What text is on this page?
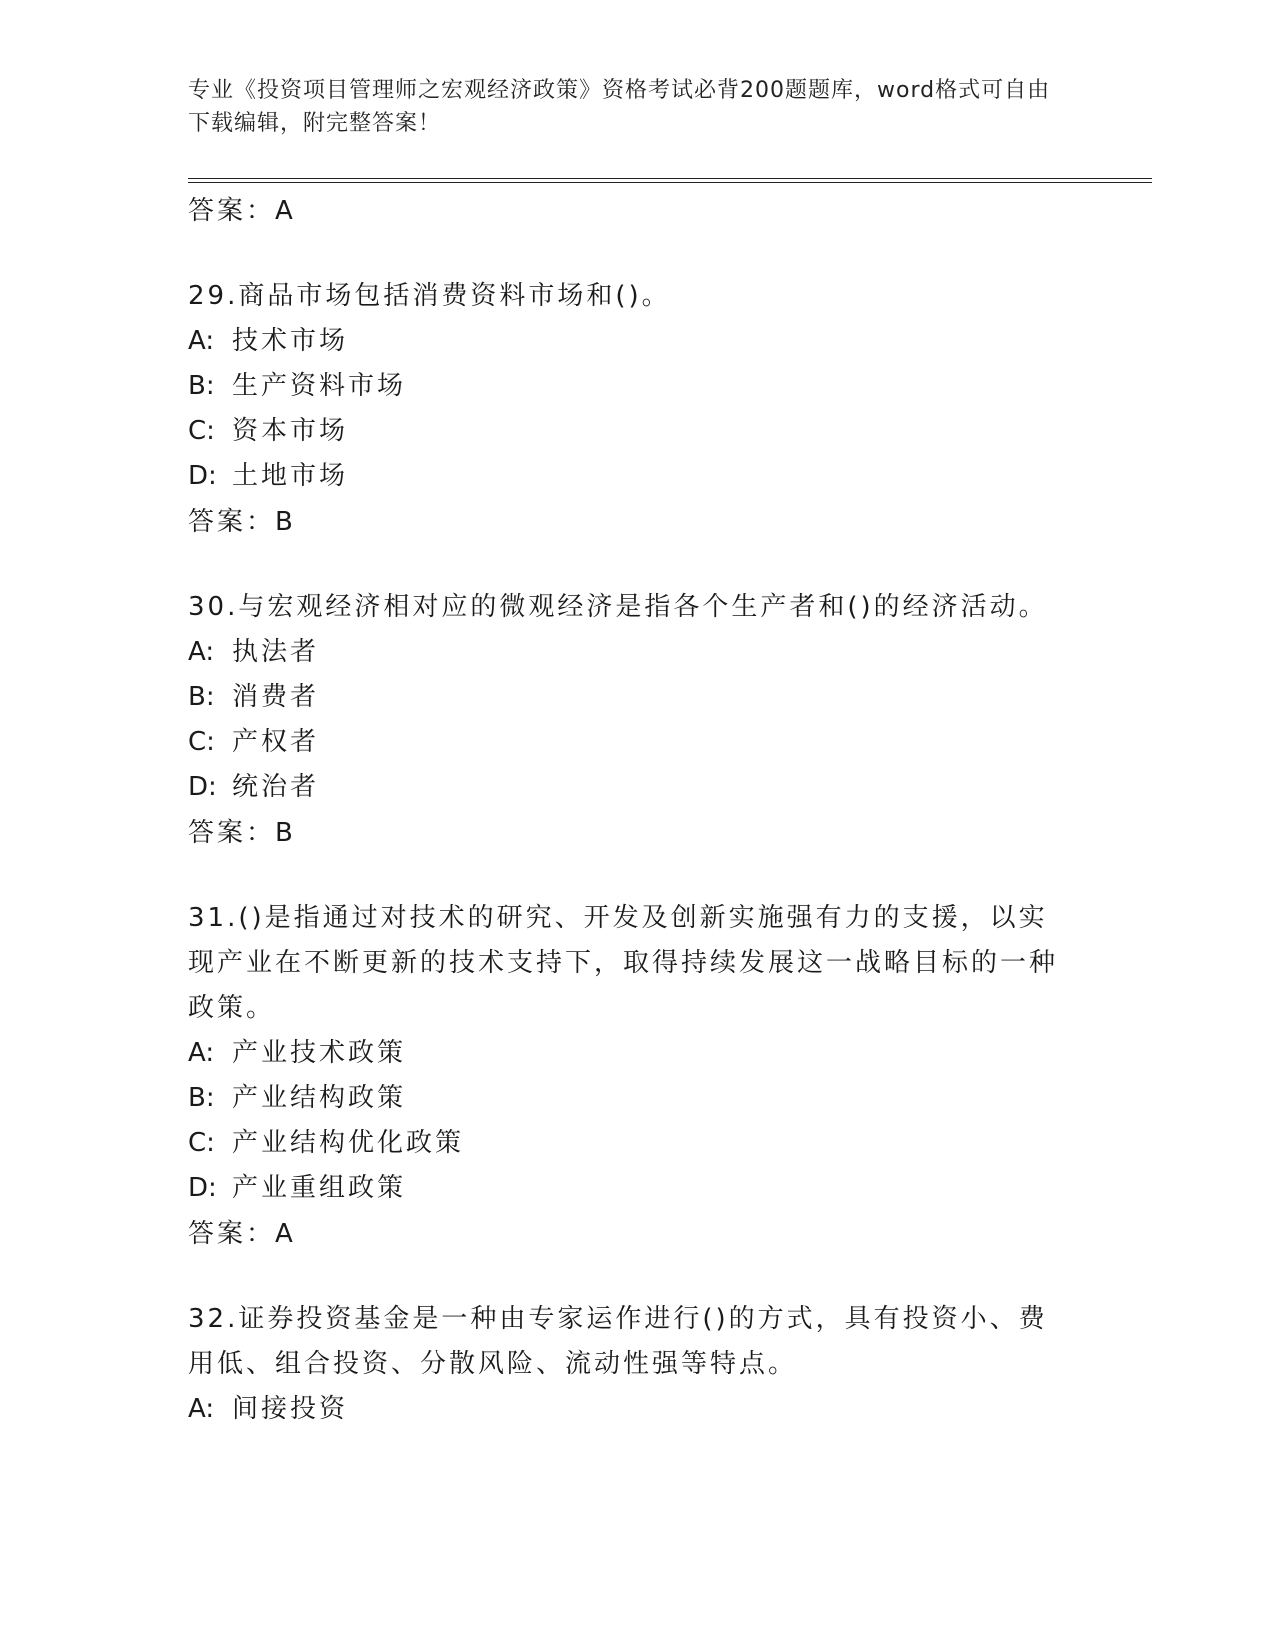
专业《投资项目管理师之宏观经济政策》资格考试必背200题题库，word格式可自由下载编辑，附完整答案！
答案：A
29.商品市场包括消费资料市场和()。
A: 技术市场
B: 生产资料市场
C: 资本市场
D: 土地市场
答案：B
30.与宏观经济相对应的微观经济是指各个生产者和()的经济活动。
A: 执法者
B: 消费者
C: 产权者
D: 统治者
答案：B
31.()是指通过对技术的研究、开发及创新实施强有力的支援，以实现产业在不断更新的技术支持下，取得持续发展这一战略目标的一种政策。
A: 产业技术政策
B: 产业结构政策
C: 产业结构优化政策
D: 产业重组政策
答案：A
32.证券投资基金是一种由专家运作进行()的方式，具有投资小、费用低、组合投资、分散风险、流动性强等特点。
A: 间接投资
